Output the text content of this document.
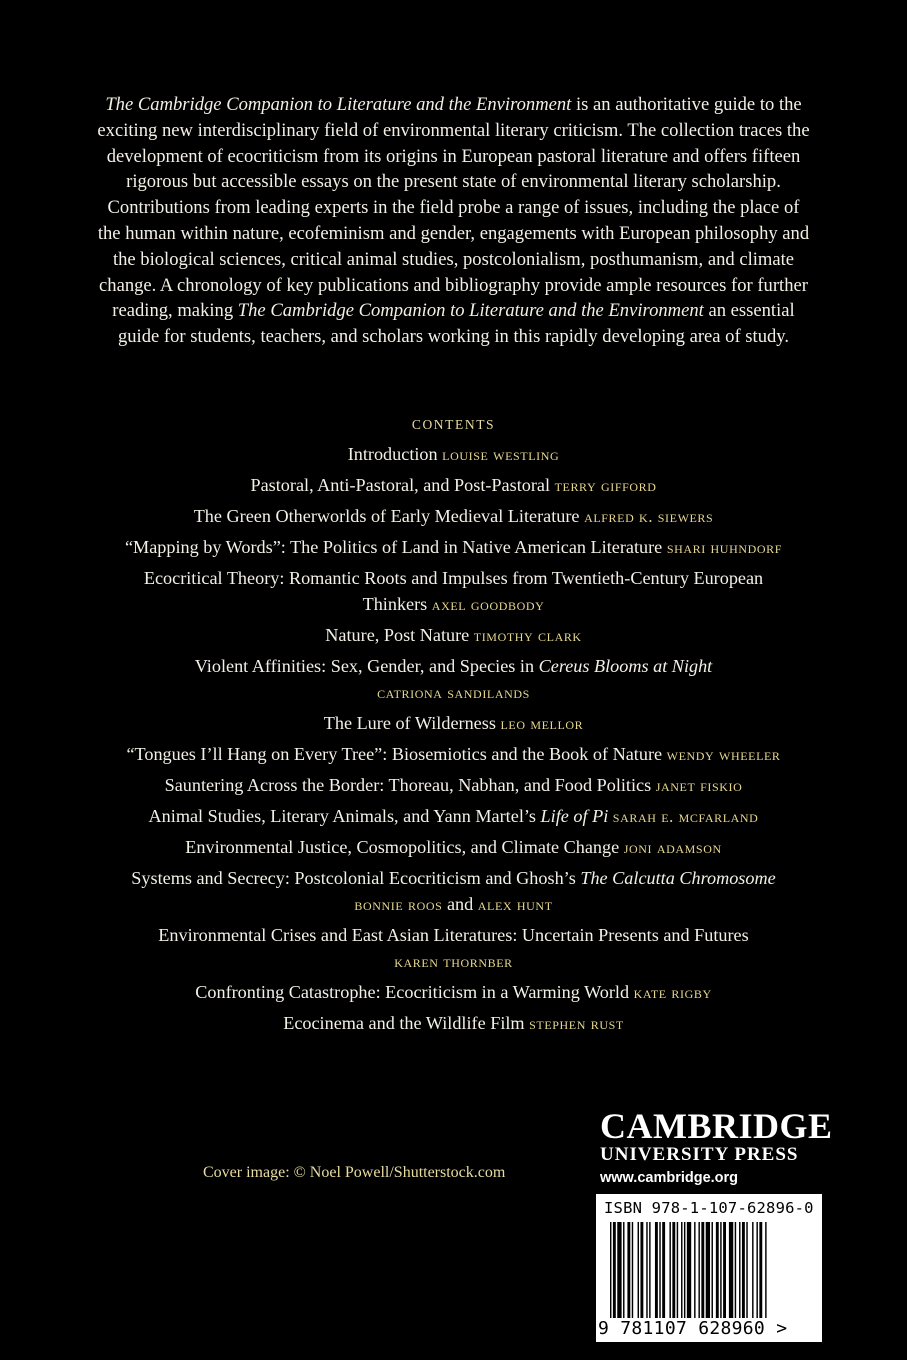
The Cambridge Companion to Literature and the Environment is an authoritative guide to the exciting new interdisciplinary field of environmental literary criticism. The collection traces the development of ecocriticism from its origins in European pastoral literature and offers fifteen rigorous but accessible essays on the present state of environmental literary scholarship. Contributions from leading experts in the field probe a range of issues, including the place of the human within nature, ecofeminism and gender, engagements with European philosophy and the biological sciences, critical animal studies, postcolonialism, posthumanism, and climate change. A chronology of key publications and bibliography provide ample resources for further reading, making The Cambridge Companion to Literature and the Environment an essential guide for students, teachers, and scholars working in this rapidly developing area of study.

CONTENTS
Introduction louise westling
Pastoral, Anti-Pastoral, and Post-Pastoral terry gifford
The Green Otherworlds of Early Medieval Literature alfred k. siewers
“Mapping by Words”: The Politics of Land in Native American Literature shari huhndorf
Ecocritical Theory: Romantic Roots and Impulses from Twentieth-Century European Thinkers axel goodbody
Nature, Post Nature timothy clark
Violent Affinities: Sex, Gender, and Species in Cereus Blooms at Night
catriona sandilands
The Lure of Wilderness leo mellor
“Tongues I’ll Hang on Every Tree”: Biosemiotics and the Book of Nature wendy wheeler
Sauntering Across the Border: Thoreau, Nabhan, and Food Politics janet fiskio
Animal Studies, Literary Animals, and Yann Martel’s Life of Pi sarah e. mcfarland
Environmental Justice, Cosmopolitics, and Climate Change joni adamson
Systems and Secrecy: Postcolonial Ecocriticism and Ghosh’s The Calcutta Chromosome
bonnie roos and alex hunt
Environmental Crises and East Asian Literatures: Uncertain Presents and Futures
karen thornber
Confronting Catastrophe: Ecocriticism in a Warming World kate rigby
Ecocinema and the Wildlife Film stephen rust
Cover image: © Noel Powell/Shutterstock.com
CAMBRIDGE
UNIVERSITY PRESS
www.cambridge.org
ISBN 978-1-107-62896-0
9 781107 628960 >
